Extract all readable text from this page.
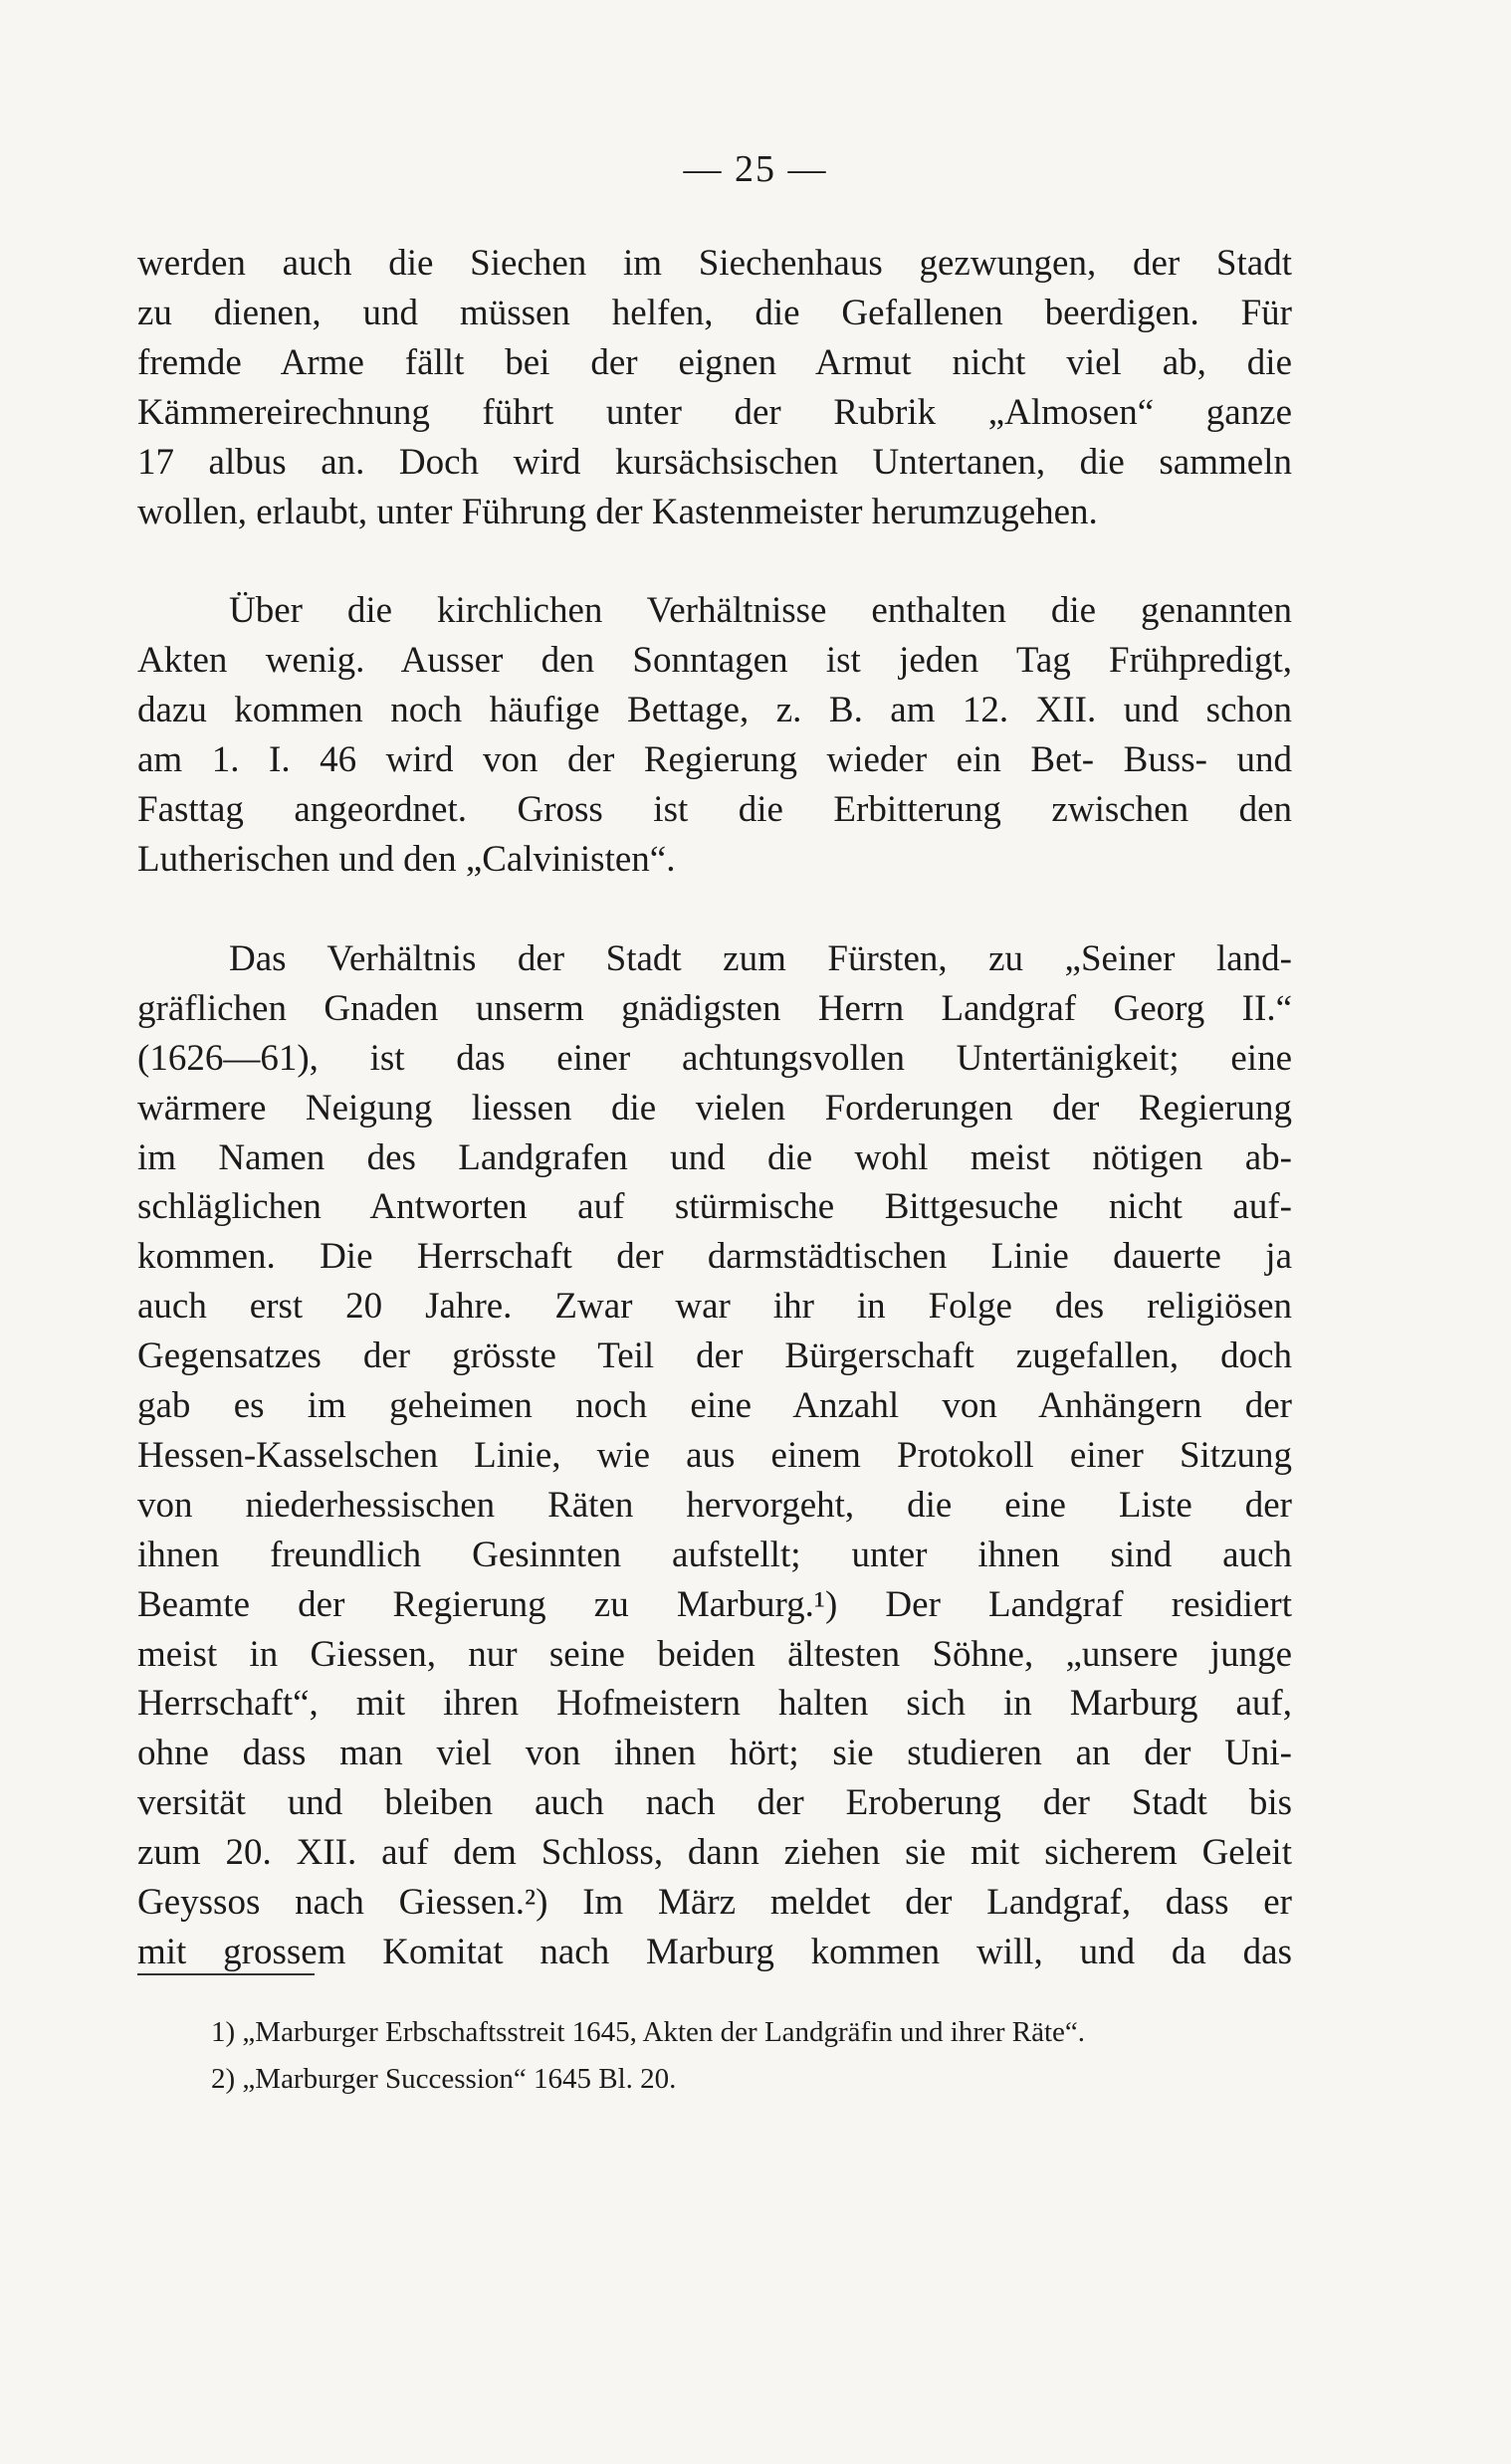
— 25 —

werden auch die Siechen im Siechenhaus gezwungen, der Stadt
zu dienen, und müssen helfen, die Gefallenen beerdigen. Für
fremde Arme fällt bei der eignen Armut nicht viel ab, die
Kämmereirechnung führt unter der Rubrik „Almosen“ ganze
17 albus an. Doch wird kursächsischen Untertanen, die sammeln
wollen, erlaubt, unter Führung der Kastenmeister herumzugehen.

Über die kirchlichen Verhältnisse enthalten die genannten
Akten wenig. Ausser den Sonntagen ist jeden Tag Frühpredigt,
dazu kommen noch häufige Bettage, z. B. am 12. XII. und schon
am 1. I. 46 wird von der Regierung wieder ein Bet- Buss- und
Fasttag angeordnet. Gross ist die Erbitterung zwischen den
Lutherischen und den „Calvinisten“.

Das Verhältnis der Stadt zum Fürsten, zu „Seiner land-
gräflichen Gnaden unserm gnädigsten Herrn Landgraf Georg II.“
(1626—61), ist das einer achtungsvollen Untertänigkeit; eine
wärmere Neigung liessen die vielen Forderungen der Regierung
im Namen des Landgrafen und die wohl meist nötigen ab-
schläglichen Antworten auf stürmische Bittgesuche nicht auf-
kommen. Die Herrschaft der darmstädtischen Linie dauerte ja
auch erst 20 Jahre. Zwar war ihr in Folge des religiösen
Gegensatzes der grösste Teil der Bürgerschaft zugefallen, doch
gab es im geheimen noch eine Anzahl von Anhängern der
Hessen-Kasselschen Linie, wie aus einem Protokoll einer Sitzung
von niederhessischen Räten hervorgeht, die eine Liste der
ihnen freundlich Gesinnten aufstellt; unter ihnen sind auch
Beamte der Regierung zu Marburg.¹) Der Landgraf residiert
meist in Giessen, nur seine beiden ältesten Söhne, „unsere junge
Herrschaft“, mit ihren Hofmeistern halten sich in Marburg auf,
ohne dass man viel von ihnen hört; sie studieren an der Uni-
versität und bleiben auch nach der Eroberung der Stadt bis
zum 20. XII. auf dem Schloss, dann ziehen sie mit sicherem Geleit
Geyssos nach Giessen.²) Im März meldet der Landgraf, dass er
mit grossem Komitat nach Marburg kommen will, und da das

1) „Marburger Erbschaftsstreit 1645, Akten der Landgräfin und ihrer Räte“.

2) „Marburger Succession“ 1645 Bl. 20.
